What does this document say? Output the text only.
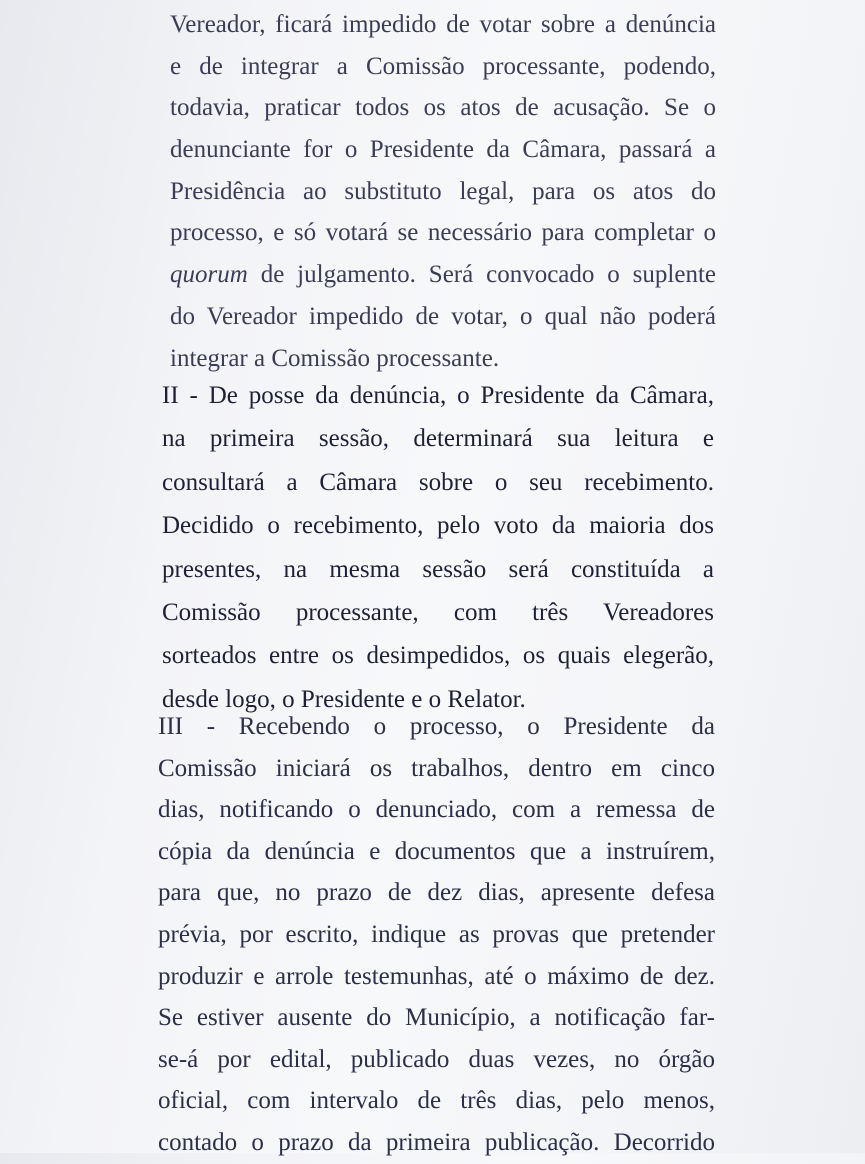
Vereador, ficará impedido de votar sobre a denúncia
e de integrar a Comissão processante, podendo,
todavia, praticar todos os atos de acusação. Se o
denunciante for o Presidente da Câmara, passará a
Presidência ao substituto legal, para os atos do
processo, e só votará se necessário para completar o
quorum de julgamento. Será convocado o suplente
do Vereador impedido de votar, o qual não poderá
integrar a Comissão processante.
II - De posse da denúncia, o Presidente da Câmara,
na primeira sessão, determinará sua leitura e
consultará a Câmara sobre o seu recebimento.
Decidido o recebimento, pelo voto da maioria dos
presentes, na mesma sessão será constituída a
Comissão processante, com três Vereadores
sorteados entre os desimpedidos, os quais elegerão,
desde logo, o Presidente e o Relator.
III - Recebendo o processo, o Presidente da
Comissão iniciará os trabalhos, dentro em cinco
dias, notificando o denunciado, com a remessa de
cópia da denúncia e documentos que a instruírem,
para que, no prazo de dez dias, apresente defesa
prévia, por escrito, indique as provas que pretender
produzir e arrole testemunhas, até o máximo de dez.
Se estiver ausente do Município, a notificação far-
se-á por edital, publicado duas vezes, no órgão
oficial, com intervalo de três dias, pelo menos,
contado o prazo da primeira publicação. Decorrido
